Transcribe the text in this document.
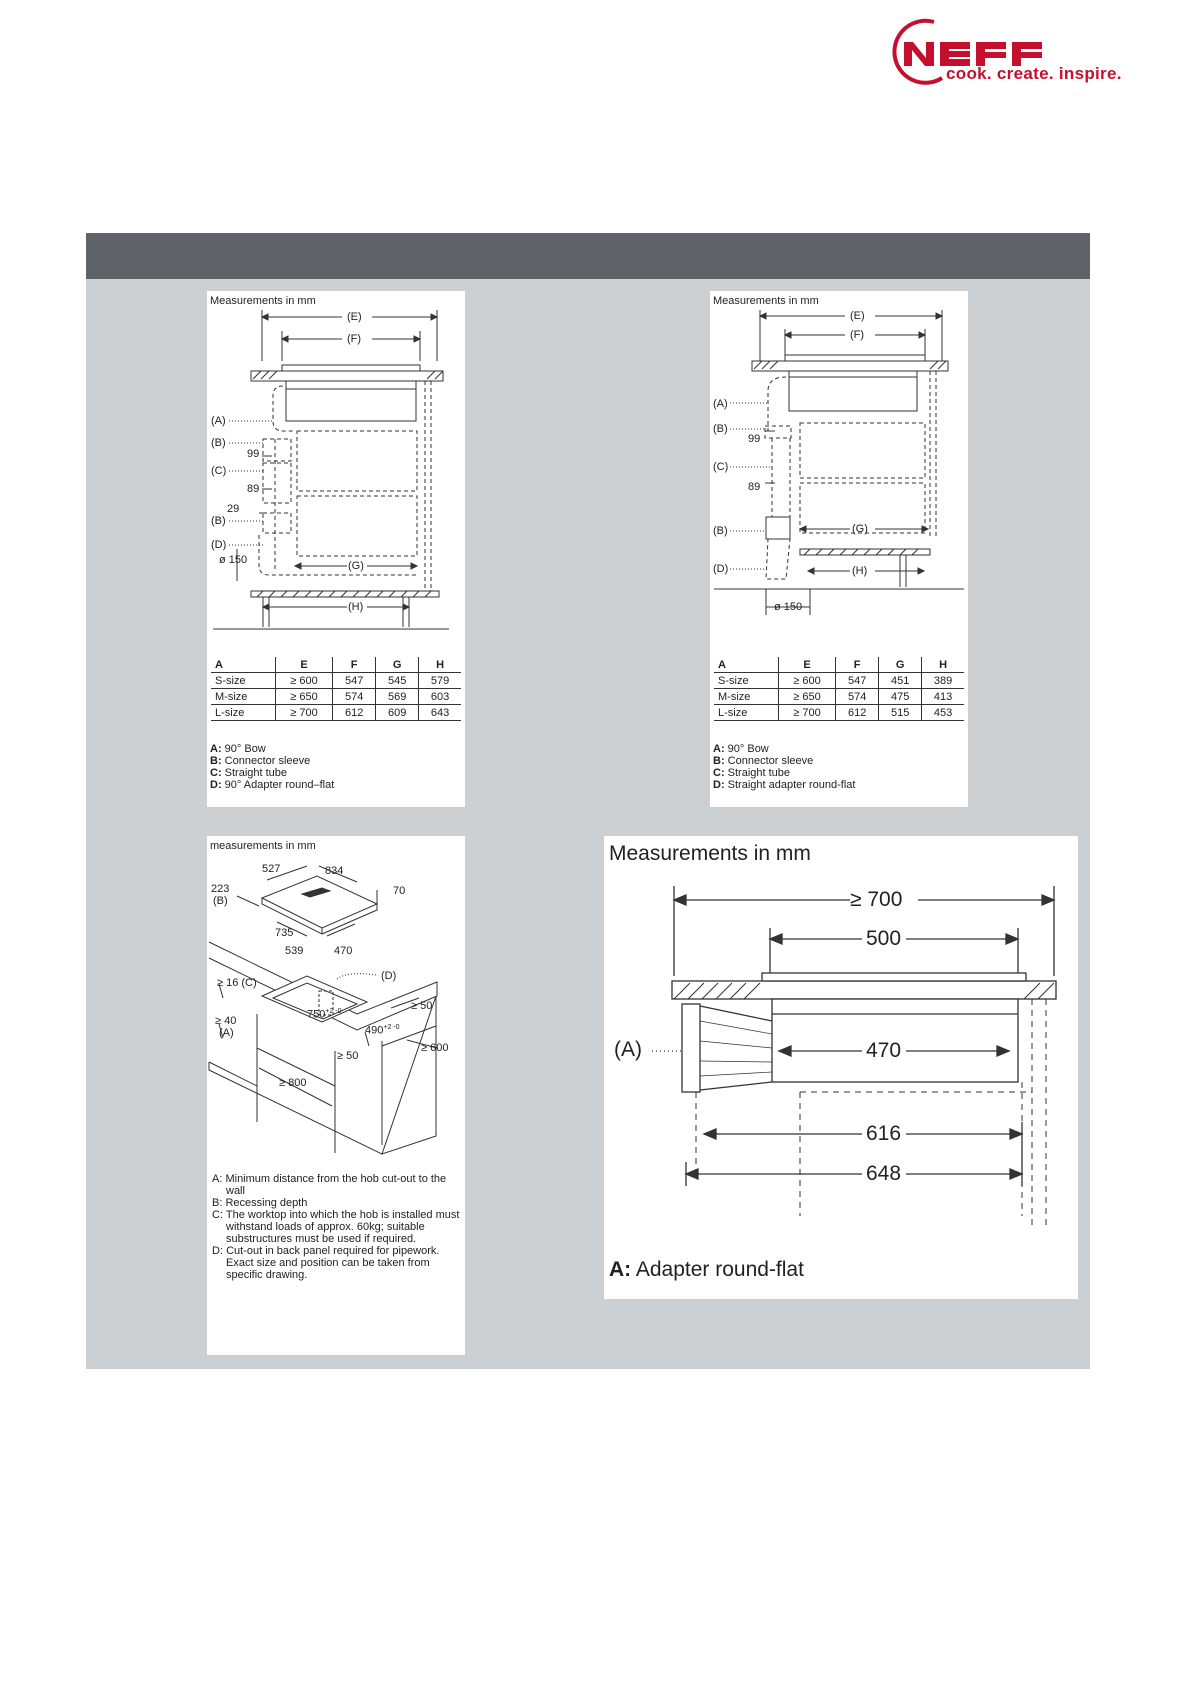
cook. create. inspire.
Measurements in mm
(E)
(F)
(A)
(B)
99
(C)
89
29
(B)
(D)
ø 150	(G)
(H)
A	E	F	G	H
S-size	≥ 600	547	545	579
M-size	≥ 650	574	569	603
L-size	≥ 700	612	609	643
A: 90° Bow
B: Connector sleeve
C: Straight tube
D: 90° Adapter round–flat
Measurements in mm
(E)
(F)
(A)
(B)
99
(C)
89
(B)	(G)
(D)	(H)
ø 150
A	E	F	G	H
S-size	≥ 600	547	451	389
M-size	≥ 650	574	475	413
L-size	≥ 700	612	515	453
A: 90° Bow
B: Connector sleeve
C: Straight tube
D: Straight adapter round-flat
measurements in mm
527	834
223
(B)
70
735
539	470
≥ 16 (C)
(D)
$750^{+2 -0}$
≥ 40
(A)
≥ 50
$490^{+2 -0}$
≥ 50
≥ 600
≥ 800
A: Minimum distance from the hob cut-out to the wall
B: Recessing depth
C: The worktop into which the hob is installed must withstand loads of approx. 60kg; suitable substructures must be used if required.
D: Cut-out in back panel required for pipework. Exact size and position can be taken from specific drawing.
Measurements in mm
≥ 700
500
(A)	470
616
648
A: Adapter round-flat
